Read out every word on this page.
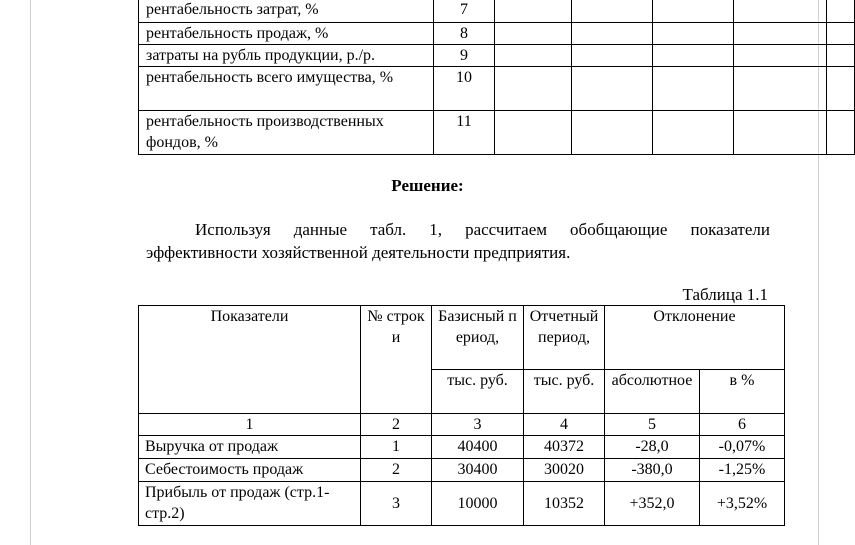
рентабельность затрат, %	7					
рентабельность продаж, %	8					
затраты на рубль продукции, р./р.	9					
рентабельность всего имущества, %	10					
рентабельность производственных фондов, %	11					
Решение:
Используя данные табл. 1, рассчитаем обобщающие показатели эффективности хозяйственной деятельности предприятия.
Таблица 1.1
Показатели	№ строки	Базисный период,	Отчетный период,	Отклонение	
		тыс. руб.	тыс. руб.	абсолютное	в %
1	2	3	4	5	6
Выручка от продаж	1	40400	40372	-28,0	-0,07%
Себестоимость продаж	2	30400	30020	-380,0	-1,25%
Прибыль от продаж (стр.1-стр.2)	3	10000	10352	+352,0	+3,52%
